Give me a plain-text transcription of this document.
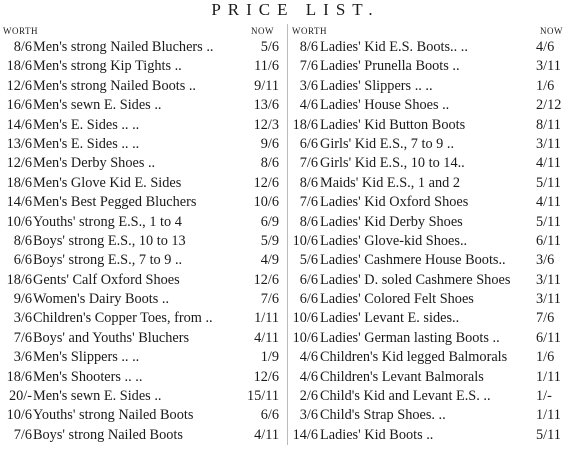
PRICE LIST.
WORTH	NOW
8/6 Men's strong Nailed Bluchers ..	5/6
18/6 Men's strong Kip Tights ..	11/6
12/6 Men's strong Nailed Boots ..	9/11
16/6 Men's sewn E. Sides ..	13/6
14/6 Men's E. Sides .. ..	12/3
13/6 Men's E. Sides .. ..	9/6
12/6 Men's Derby Shoes ..	8/6
18/6 Men's Glove Kid E. Sides	12/6
14/6 Men's Best Pegged Bluchers	10/6
10/6 Youths' strong E.S., 1 to 4	6/9
8/6 Boys' strong E.S., 10 to 13	5/9
6/6 Boys' strong E.S., 7 to 9 ..	4/9
18/6 Gents' Calf Oxford Shoes	12/6
9/6 Women's Dairy Boots ..	7/6
3/6 Children's Copper Toes, from ..	1/11
7/6 Boys' and Youths' Bluchers	4/11
3/6 Men's Slippers .. ..	1/9
18/6 Men's Shooters .. ..	12/6
20/- Men's sewn E. Sides ..	15/11
10/6 Youths' strong Nailed Boots	6/6
7/6 Boys' strong Nailed Boots	4/11
WORTH	NOW
8/6 Ladies' Kid E.S. Boots.. ..	4/6
7/6 Ladies' Prunella Boots ..	3/11
3/6 Ladies' Slippers .. ..	1/6
4/6 Ladies' House Shoes ..	2/12
18/6 Ladies' Kid Button Boots	8/11
6/6 Girls' Kid E.S., 7 to 9 ..	3/11
7/6 Girls' Kid E.S., 10 to 14..	4/11
8/6 Maids' Kid E.S., 1 and 2	5/11
7/6 Ladies' Kid Oxford Shoes	4/11
8/6 Ladies' Kid Derby Shoes	5/11
10/6 Ladies' Glove-kid Shoes..	6/11
5/6 Ladies' Cashmere House Boots.. 3/6
6/6 Ladies' D. soled Cashmere Shoes 3/11
6/6 Ladies' Colored Felt Shoes	3/11
10/6 Ladies' Levant E. sides..	7/6
10/6 Ladies' German lasting Boots ..	6/11
4/6 Children's Kid legged Balmorals 1/6
4/6 Children's Levant Balmorals	1/11
2/6 Child's Kid and Levant E.S. ..	1/-
3/6 Child's Strap Shoes. ..	1/11
14/6 Ladies' Kid Boots ..	5/11
